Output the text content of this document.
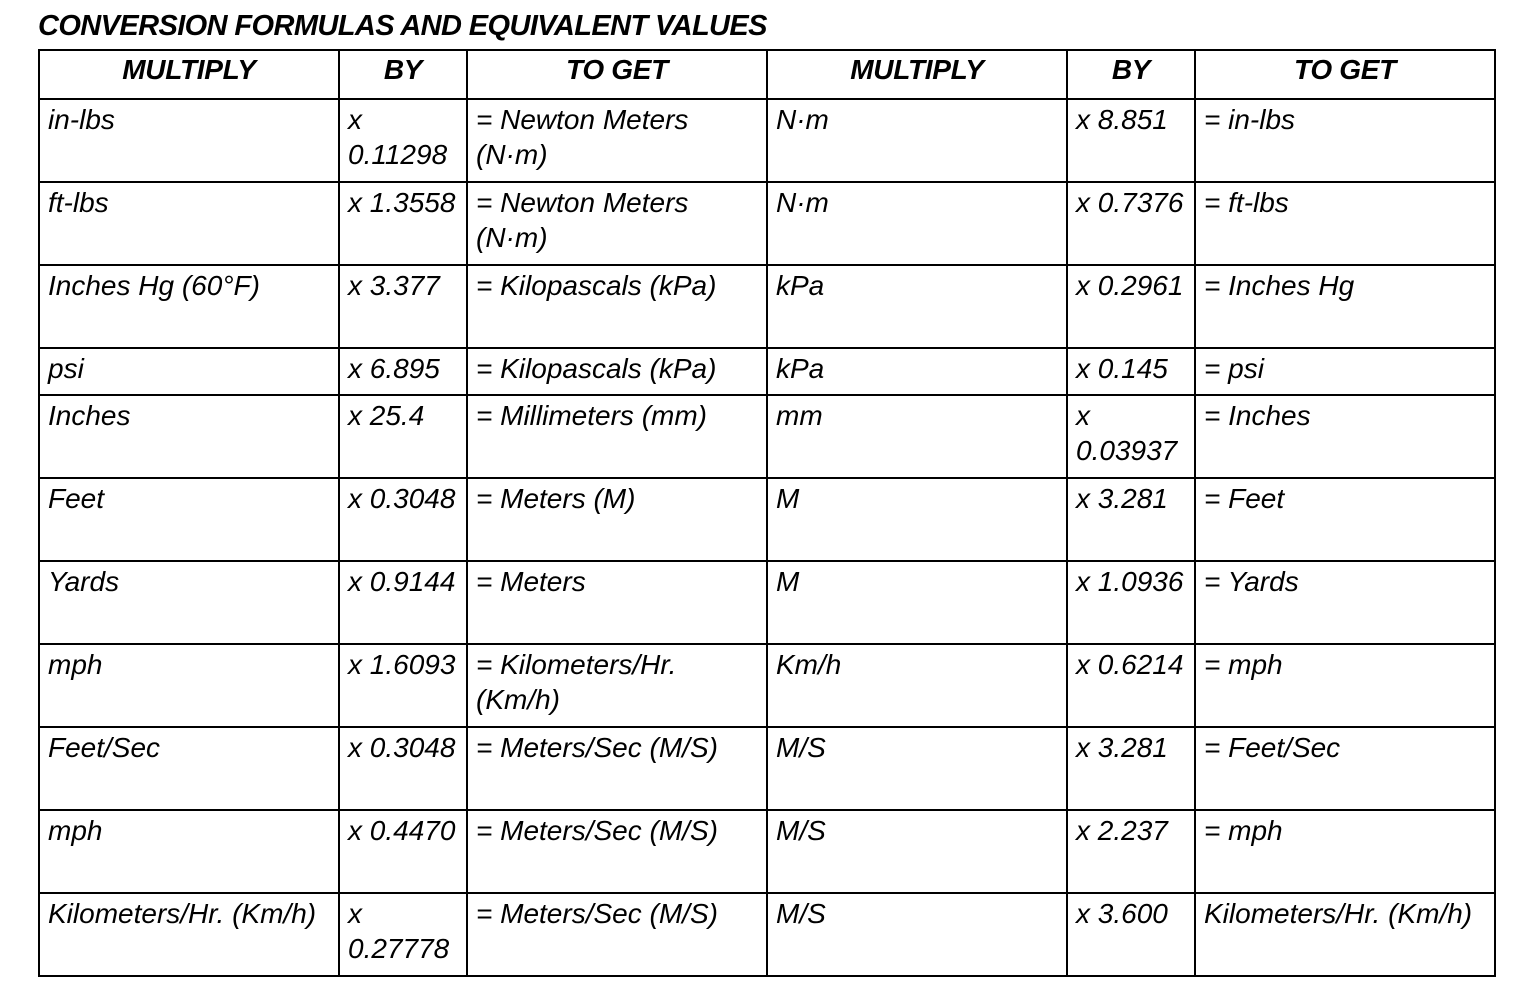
CONVERSION FORMULAS AND EQUIVALENT VALUES
MULTIPLY	BY	TO GET	MULTIPLY	BY	TO GET
in-lbs	x 0.11298	= Newton Meters (N·m)	N·m	x 8.851	= in-lbs
ft-lbs	x 1.3558	= Newton Meters (N·m)	N·m	x 0.7376	= ft-lbs
Inches Hg (60°F)	x 3.377	= Kilopascals (kPa)	kPa	x 0.2961	= Inches Hg
psi	x 6.895	= Kilopascals (kPa)	kPa	x 0.145	= psi
Inches	x 25.4	= Millimeters (mm)	mm	x 0.03937	= Inches
Feet	x 0.3048	= Meters (M)	M	x 3.281	= Feet
Yards	x 0.9144	= Meters	M	x 1.0936	= Yards
mph	x 1.6093	= Kilometers/Hr. (Km/h)	Km/h	x 0.6214	= mph
Feet/Sec	x 0.3048	= Meters/Sec (M/S)	M/S	x 3.281	= Feet/Sec
mph	x 0.4470	= Meters/Sec (M/S)	M/S	x 2.237	= mph
Kilometers/Hr. (Km/h)	x 0.27778	= Meters/Sec (M/S)	M/S	x 3.600	Kilometers/Hr. (Km/h)
